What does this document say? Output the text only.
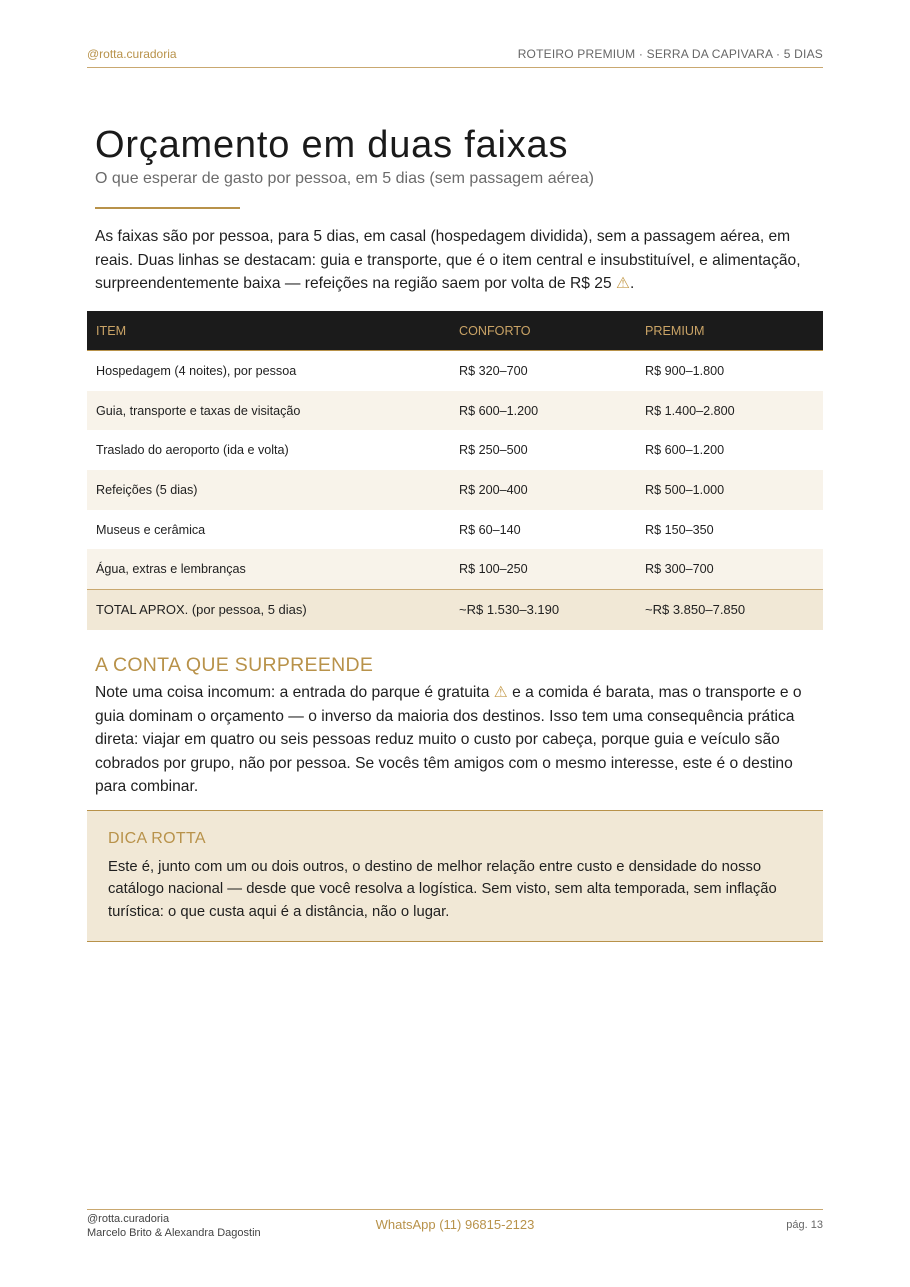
@rotta.curadoria	ROTEIRO PREMIUM · SERRA DA CAPIVARA · 5 DIAS
Orçamento em duas faixas
O que esperar de gasto por pessoa, em 5 dias (sem passagem aérea)

As faixas são por pessoa, para 5 dias, em casal (hospedagem dividida), sem a passagem aérea, em reais. Duas linhas se destacam: guia e transporte, que é o item central e insubstituível, e alimentação, surpreendentemente baixa — refeições na região saem por volta de R$ 25 ⚠.

ITEM	CONFORTO	PREMIUM
Hospedagem (4 noites), por pessoa	R$ 320–700	R$ 900–1.800
Guia, transporte e taxas de visitação	R$ 600–1.200	R$ 1.400–2.800
Traslado do aeroporto (ida e volta)	R$ 250–500	R$ 600–1.200
Refeições (5 dias)	R$ 200–400	R$ 500–1.000
Museus e cerâmica	R$ 60–140	R$ 150–350
Água, extras e lembranças	R$ 100–250	R$ 300–700
TOTAL APROX. (por pessoa, 5 dias)	~R$ 1.530–3.190	~R$ 3.850–7.850
A CONTA QUE SURPREENDE

Note uma coisa incomum: a entrada do parque é gratuita ⚠ e a comida é barata, mas o transporte e o guia dominam o orçamento — o inverso da maioria dos destinos. Isso tem uma consequência prática direta: viajar em quatro ou seis pessoas reduz muito o custo por cabeça, porque guia e veículo são cobrados por grupo, não por pessoa. Se vocês têm amigos com o mesmo interesse, este é o destino para combinar.

DICA ROTTA

Este é, junto com um ou dois outros, o destino de melhor relação entre custo e densidade do nosso catálogo nacional — desde que você resolva a logística. Sem visto, sem alta temporada, sem inflação turística: o que custa aqui é a distância, não o lugar.

@rotta.curadoria
Marcelo Brito & Alexandra Dagostin
WhatsApp (11) 96815-2123	pág. 13
